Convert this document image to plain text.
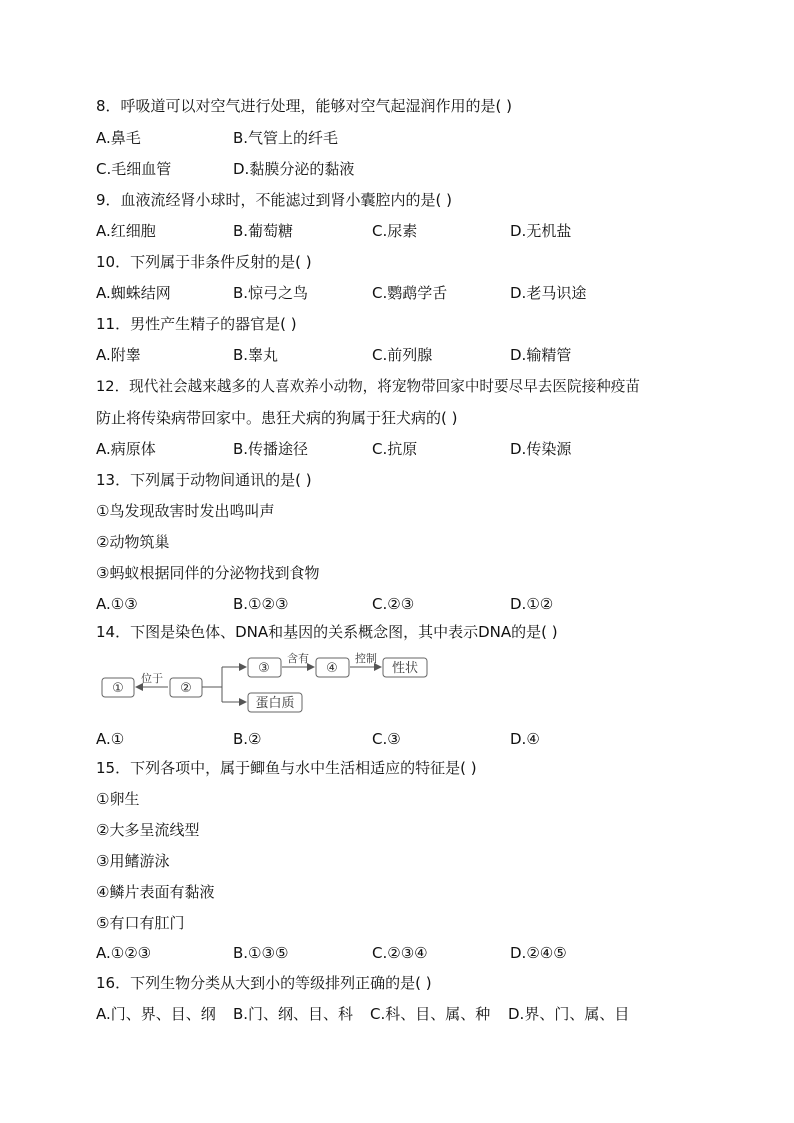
8．呼吸道可以对空气进行处理，能够对空气起湿润作用的是( )
A.鼻毛	B.气管上的纤毛
C.毛细血管	D.黏膜分泌的黏液
9．血液流经肾小球时，不能滤过到肾小囊腔内的是( )
A.红细胞	B.葡萄糖	C.尿素	D.无机盐
10．下列属于非条件反射的是( )
A.蜘蛛结网	B.惊弓之鸟	C.鹦鹉学舌	D.老马识途
11．男性产生精子的器官是( )
A.附睾	B.睾丸	C.前列腺	D.输精管
12．现代社会越来越多的人喜欢养小动物，将宠物带回家中时要尽早去医院接种疫苗
防止将传染病带回家中。患狂犬病的狗属于狂犬病的( )
A.病原体	B.传播途径	C.抗原	D.传染源
13．下列属于动物间通讯的是( )
①鸟发现敌害时发出鸣叫声
②动物筑巢
③蚂蚁根据同伴的分泌物找到食物
A.①③	B.①②③	C.②③	D.①②
14．下图是染色体、DNA和基因的关系概念图，其中表示DNA的是( )
①
位于
②
③
含有
④
控制
性状
蛋白质
A.①	B.②	C.③	D.④
15．下列各项中，属于鲫鱼与水中生活相适应的特征是( )
①卵生
②大多呈流线型
③用鳍游泳
④鳞片表面有黏液
⑤有口有肛门
A.①②③	B.①③⑤	C.②③④	D.②④⑤
16．下列生物分类从大到小的等级排列正确的是( )
A.门、界、目、纲 B.门、纲、目、科 C.科、目、属、种 D.界、门、属、目
